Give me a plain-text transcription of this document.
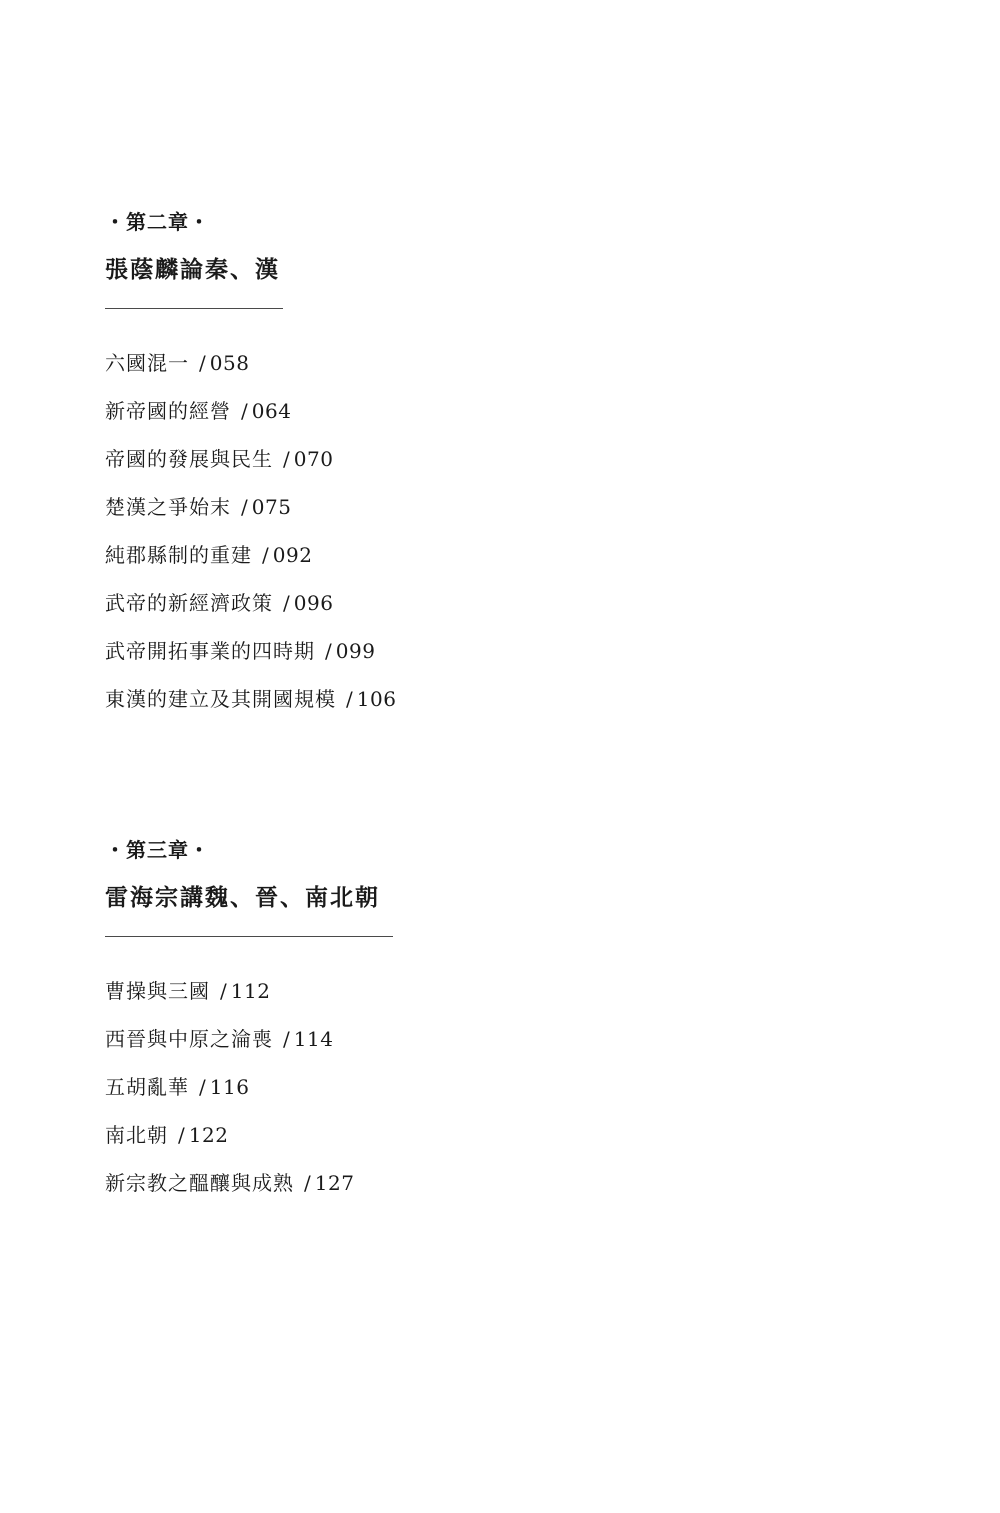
・第二章・
張蔭麟論秦、漢
六國混一 / 058
新帝國的經營 / 064
帝國的發展與民生 / 070
楚漢之爭始末 / 075
純郡縣制的重建 / 092
武帝的新經濟政策 / 096
武帝開拓事業的四時期 / 099
東漢的建立及其開國規模 / 106
・第三章・
雷海宗講魏、晉、南北朝
曹操與三國 / 112
西晉與中原之淪喪 / 114
五胡亂華 / 116
南北朝 / 122
新宗教之醞釀與成熟 / 127
